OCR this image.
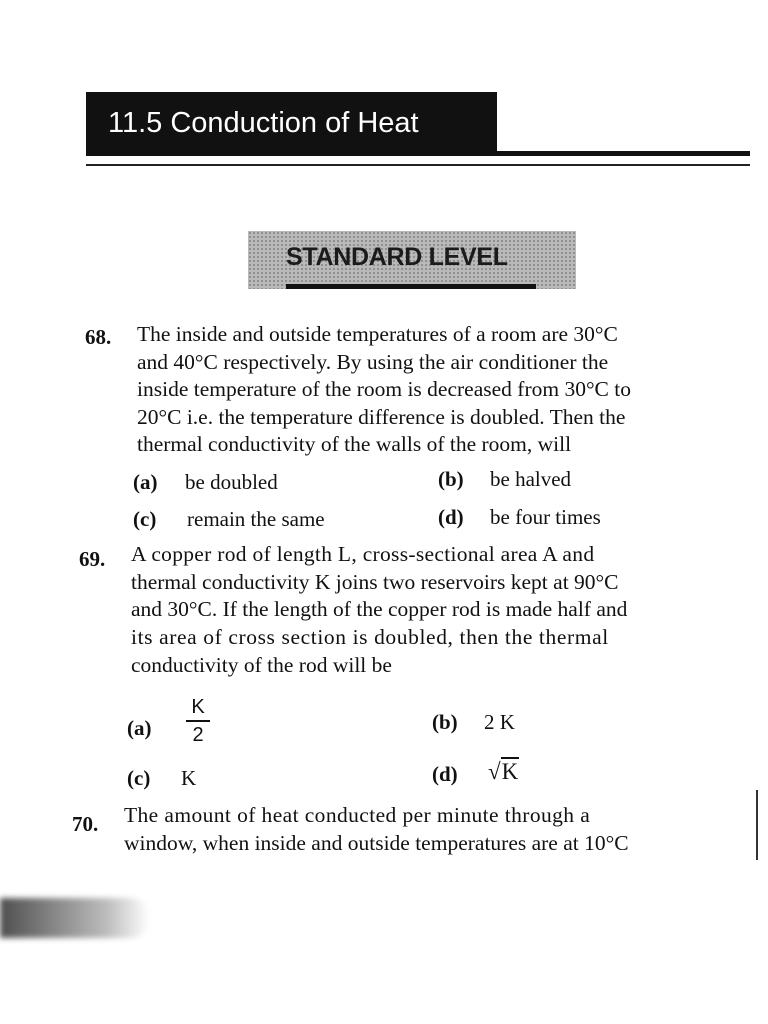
11.5 Conduction of Heat
STANDARD LEVEL
68. The inside and outside temperatures of a room are 30°C
and 40°C respectively. By using the air conditioner the
inside temperature of the room is decreased from 30°C to
20°C i.e. the temperature difference is doubled. Then the
thermal conductivity of the walls of the room, will
(a) be doubled	(b) be halved
(c) remain the same	(d) be four times
69. A copper rod of length L, cross-sectional area A and
thermal conductivity K joins two reservoirs kept at 90°C
and 30°C. If the length of the copper rod is made half and
its area of cross section is doubled, then the thermal
conductivity of the rod will be
(a)
K
2
(b) 2 K
(c) K	(d) √K
70. The amount of heat conducted per minute through a
window, when inside and outside temperatures are at 10°C
